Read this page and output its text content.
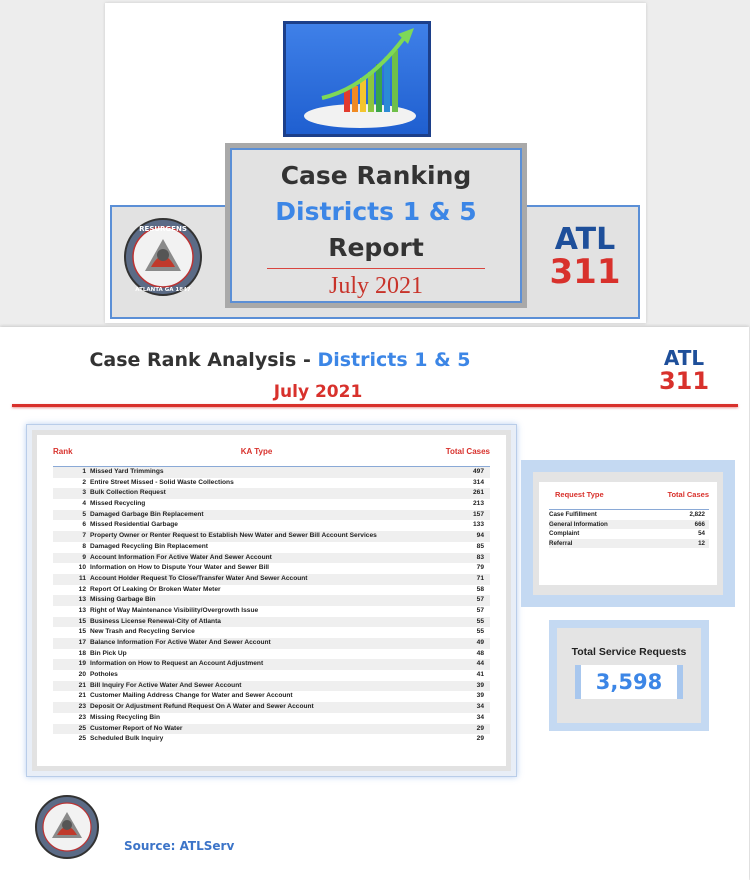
RESURGENS
ATLANTA GA 1847
ATL
311
Case Ranking
Districts 1 & 5
Report
July 2021
Case Rank Analysis - Districts 1 & 5
July 2021
ATL
311
Rank	KA Type	Total Cases
1 Missed Yard Trimmings	497
2 Entire Street Missed - Solid Waste Collections	314
3 Bulk Collection Request	261
4 Missed Recycling	213
5 Damaged Garbage Bin Replacement	157
6 Missed Residential Garbage	133
7 Property Owner or Renter Request to Establish New Water and Sewer Bill Account Services	94
8 Damaged Recycling Bin Replacement	85
9 Account Information For Active Water And Sewer Account	83
10 Information on How to Dispute Your Water and Sewer Bill	79
11 Account Holder Request To Close/Transfer Water And Sewer Account	71
12 Report Of Leaking Or Broken Water Meter	58
13 Missing Garbage Bin	57
13 Right of Way Maintenance Visibility/Overgrowth Issue	57
15 Business License Renewal-City of Atlanta	55
15 New Trash and Recycling Service	55
17 Balance Information For Active Water And Sewer Account	49
18 Bin Pick Up	48
19 Information on How to Request an Account Adjustment	44
20 Potholes	41
21 Bill Inquiry For Active Water And Sewer Account	39
21 Customer Mailing Address Change for Water and Sewer Account	39
23 Deposit Or Adjustment Refund Request On A Water and Sewer Account	34
23 Missing Recycling Bin	34
25 Customer Report of No Water	29
25 Scheduled Bulk Inquiry	29
Request Type	Total Cases
Case Fulfillment	2,822
General Information	666
Complaint	54
Referral	12
Total Service Requests
3,598
Source: ATLServ
